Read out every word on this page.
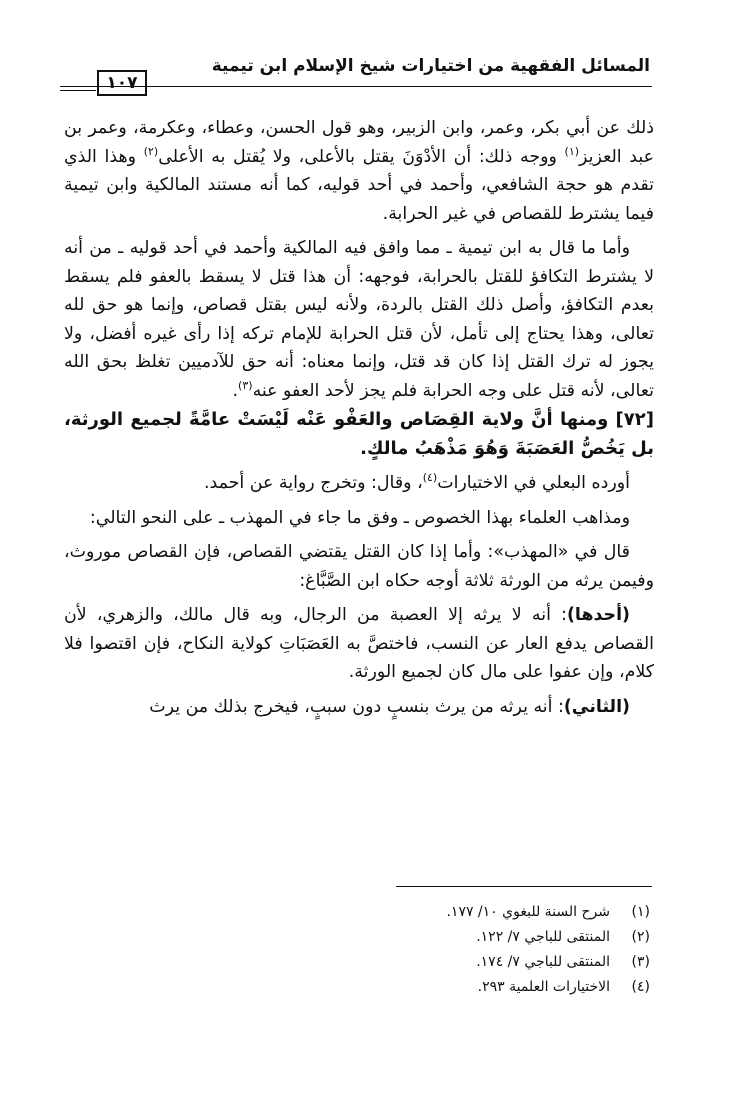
المسائل الفقهية من اختيارات شيخ الإسلام ابن تيمية
١٠٧

ذلك عن أبي بكر، وعمر، وابن الزبير، وهو قول الحسن، وعطاء، وعكرمة، وعمر بن عبد العزيز$^{(١)}$ ووجه ذلك: أن الأدْوَنَ يقتل بالأعلى، ولا يُقتل به الأعلى$^{(٢)}$ وهذا الذي تقدم هو حجة الشافعي، وأحمد في أحد قوليه، كما أنه مستند المالكية وابن تيمية فيما يشترط للقصاص في غير الحرابة.

وأما ما قال به ابن تيمية ـ مما وافق فيه المالكية وأحمد في أحد قوليه ـ من أنه لا يشترط التكافؤ للقتل بالحرابة، فوجهه: أن هذا قتل لا يسقط بالعفو فلم يسقط بعدم التكافؤ، وأصل ذلك القتل بالردة، ولأنه ليس بقتل قصاص، وإنما هو حق لله تعالى، وهذا يحتاج إلى تأمل، لأن قتل الحرابة للإمام تركه إذا رأى غيره أفضل، ولا يجوز له ترك القتل إذا كان قد قتل، وإنما معناه: أنه حق للآدميين تغلظ بحق الله تعالى، لأنه قتل على وجه الحرابة فلم يجز لأحد العفو عنه$^{(٣)}$.

[٧٢] ومنها أنَّ ولاية القِصَاص والعَفْو عَنْه لَيْسَتْ عامَّةً لجميع الورثة، بل يَخُصُّ العَصَبَةَ وَهُوَ مَذْهَبُ مالكٍ.

أورده البعلي في الاختيارات$^{(٤)}$، وقال: وتخرج رواية عن أحمد.

ومذاهب العلماء بهذا الخصوص ـ وفق ما جاء في المهذب ـ على النحو التالي:

قال في «المهذب»: وأما إذا كان القتل يقتضي القصاص، فإن القصاص موروث، وفيمن يرثه من الورثة ثلاثة أوجه حكاه ابن الصَّبَّاغ:

(أحدها): أنه لا يرثه إلا العصبة من الرجال، وبه قال مالك، والزهري، لأن القصاص يدفع العار عن النسب، فاختصَّ به العَصَبَاتِ كولاية النكاح، فإن اقتصوا فلا كلام، وإن عفوا على مال كان لجميع الورثة.

(الثاني): أنه يرثه من يرث بنسبٍ دون سببٍ، فيخرج بذلك من يرث

(١)
شرح السنة للبغوي ١٠/ ١٧٧.
(٢)
المنتقى للباجي ٧/ ١٢٢.
(٣)
المنتقى للباجي ٧/ ١٧٤.
(٤)
الاختيارات العلمية ٢٩٣.
